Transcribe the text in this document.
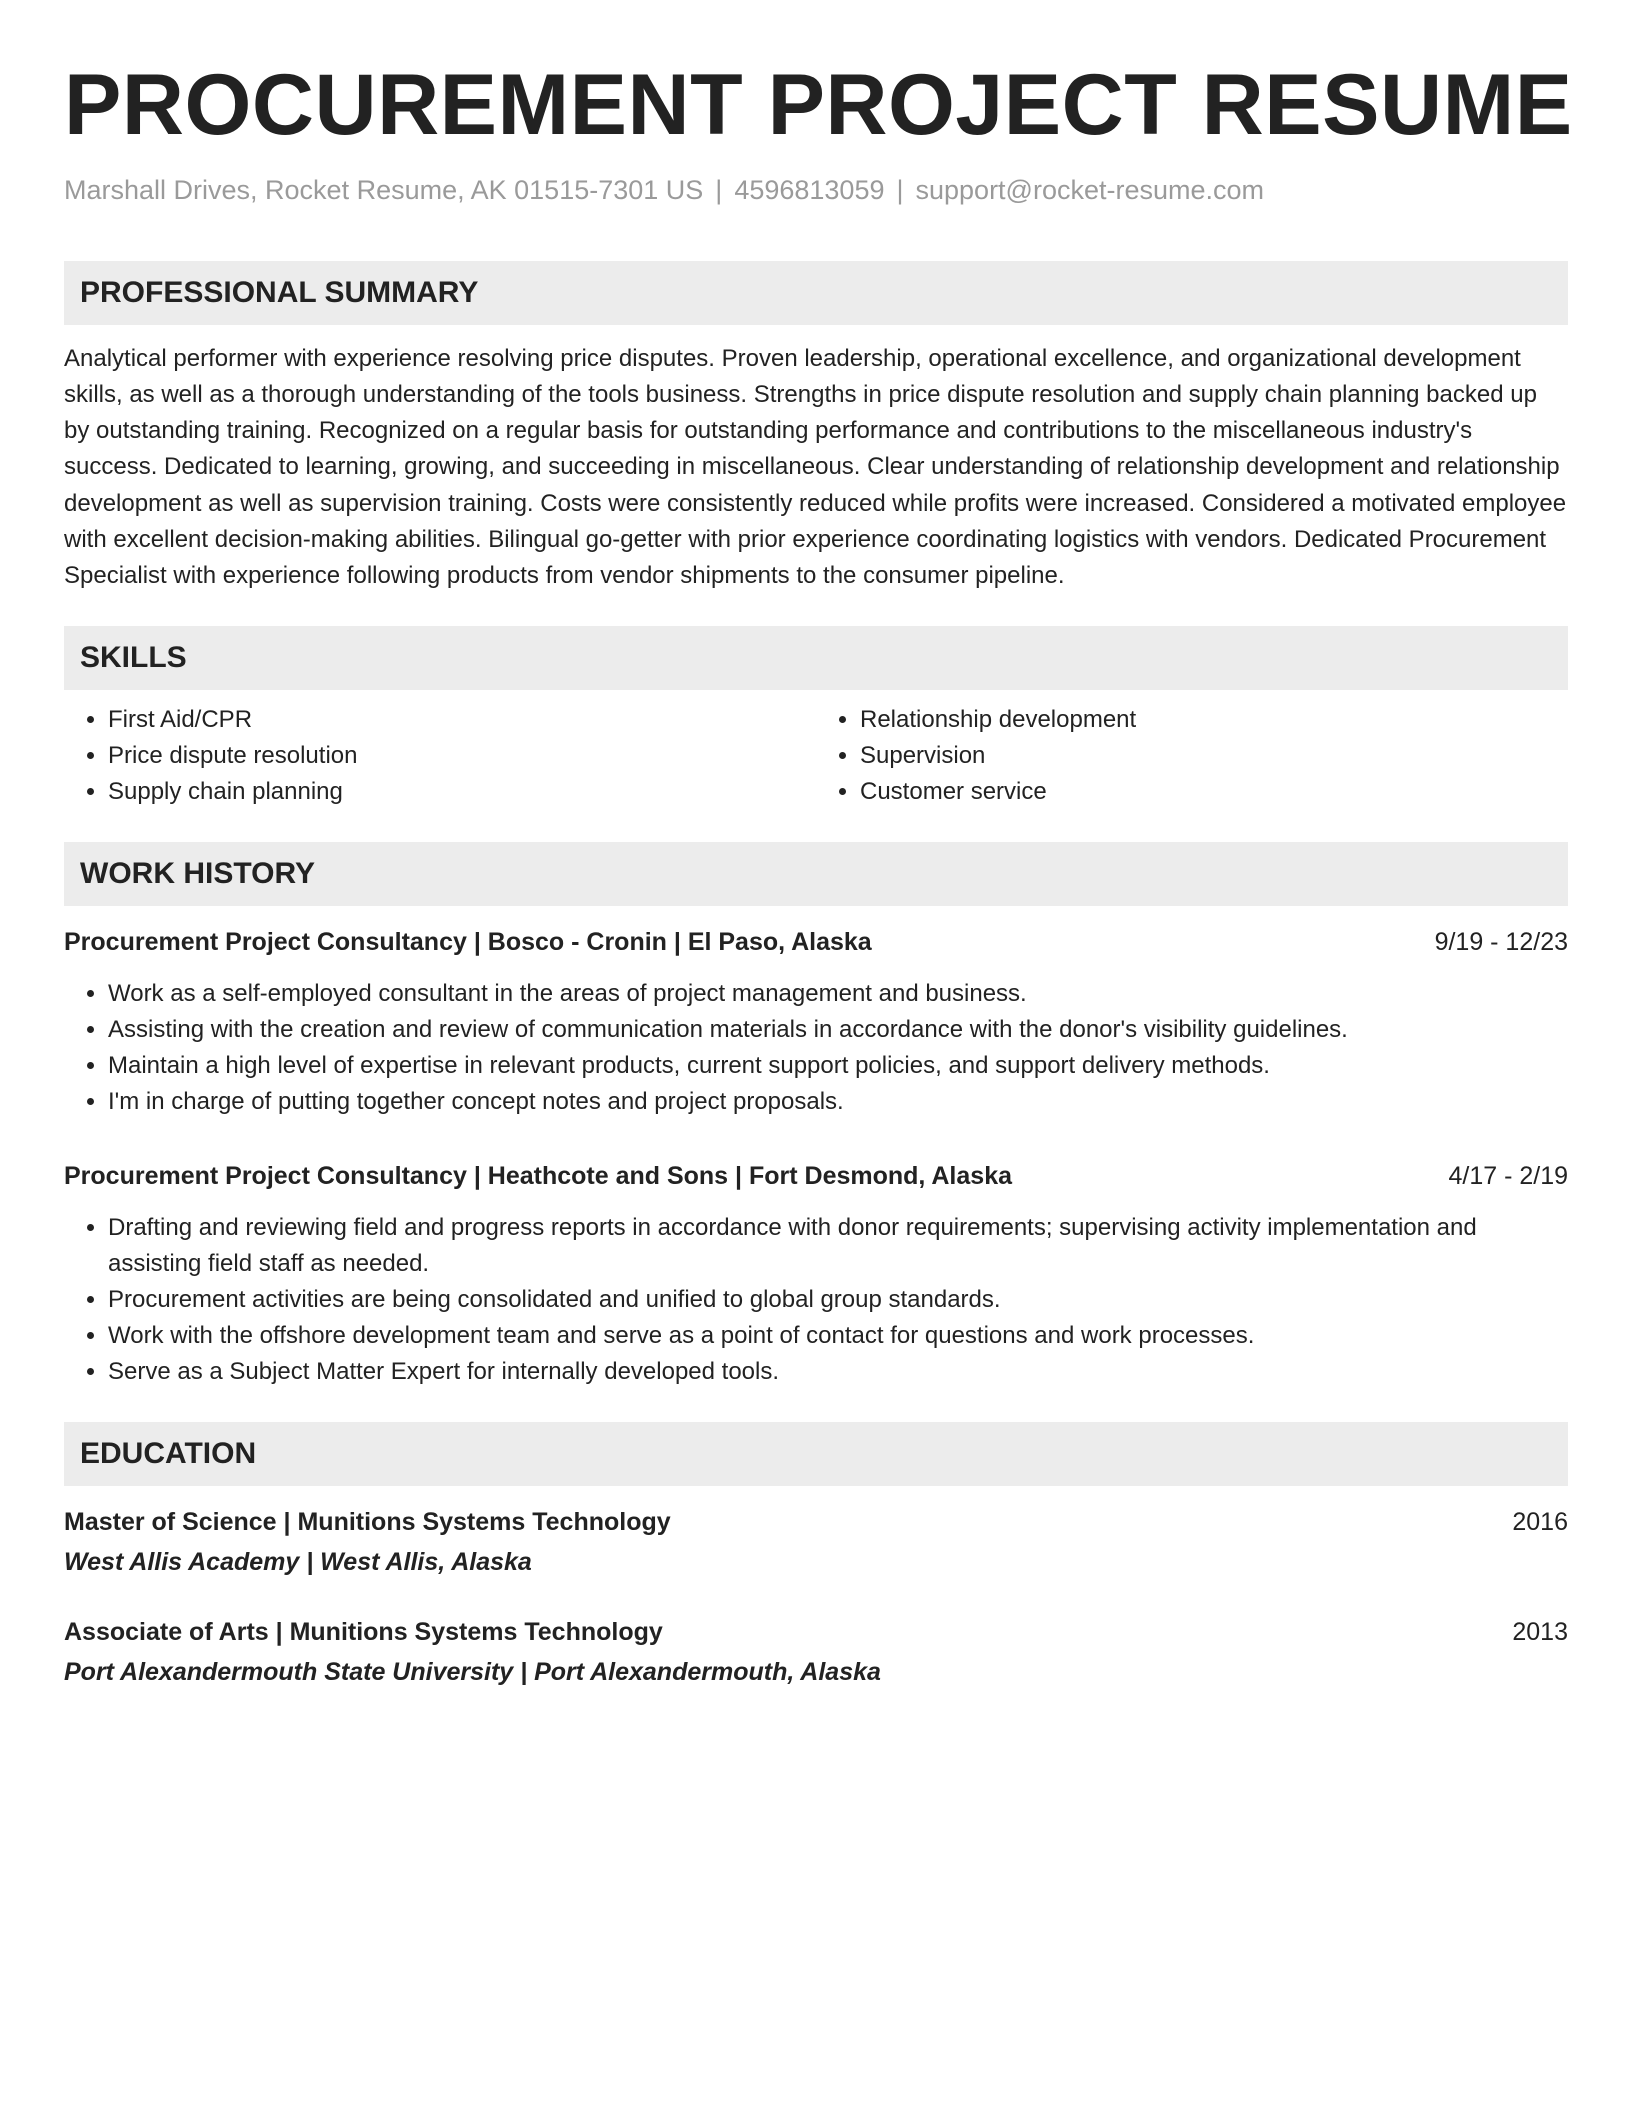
PROCUREMENT PROJECT RESUME
Marshall Drives, Rocket Resume, AK 01515-7301 US | 4596813059 | support@rocket-resume.com
PROFESSIONAL SUMMARY
Analytical performer with experience resolving price disputes. Proven leadership, operational excellence, and organizational development skills, as well as a thorough understanding of the tools business. Strengths in price dispute resolution and supply chain planning backed up by outstanding training. Recognized on a regular basis for outstanding performance and contributions to the miscellaneous industry's success. Dedicated to learning, growing, and succeeding in miscellaneous. Clear understanding of relationship development and relationship development as well as supervision training. Costs were consistently reduced while profits were increased. Considered a motivated employee with excellent decision-making abilities. Bilingual go-getter with prior experience coordinating logistics with vendors. Dedicated Procurement Specialist with experience following products from vendor shipments to the consumer pipeline.
SKILLS
• First Aid/CPR
• Price dispute resolution
• Supply chain planning
• Relationship development
• Supervision
• Customer service
WORK HISTORY
Procurement Project Consultancy | Bosco - Cronin | El Paso, Alaska	9/19 - 12/23
• Work as a self-employed consultant in the areas of project management and business.
• Assisting with the creation and review of communication materials in accordance with the donor's visibility guidelines.
• Maintain a high level of expertise in relevant products, current support policies, and support delivery methods.
• I'm in charge of putting together concept notes and project proposals.
Procurement Project Consultancy | Heathcote and Sons | Fort Desmond, Alaska	4/17 - 2/19
• Drafting and reviewing field and progress reports in accordance with donor requirements; supervising activity implementation and assisting field staff as needed.
• Procurement activities are being consolidated and unified to global group standards.
• Work with the offshore development team and serve as a point of contact for questions and work processes.
• Serve as a Subject Matter Expert for internally developed tools.
EDUCATION
Master of Science | Munitions Systems Technology	2016
West Allis Academy | West Allis, Alaska
Associate of Arts | Munitions Systems Technology	2013
Port Alexandermouth State University | Port Alexandermouth, Alaska
